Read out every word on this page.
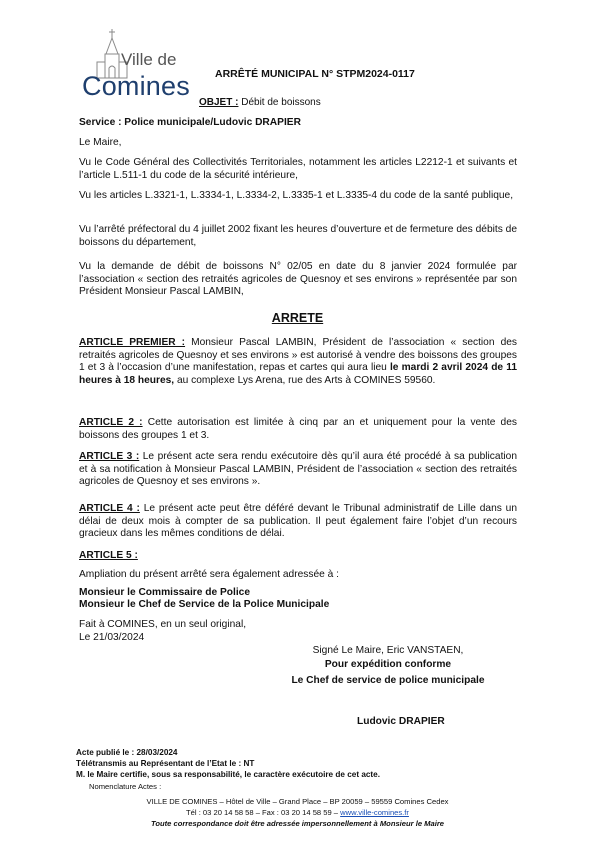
Ville de
Comines ARRÊTÉ MUNICIPAL N° STPM2024-0117
OBJET : Débit de boissons
Service : Police municipale/Ludovic DRAPIER
Le Maire,
Vu le Code Général des Collectivités Territoriales, notamment les articles L2212-1 et suivants et l’article L.511-1 du code de la sécurité intérieure,
Vu les articles L.3321-1, L.3334-1, L.3334-2, L.3335-1 et L.3335-4 du code de la santé publique,
Vu l’arrêté préfectoral du 4 juillet 2002 fixant les heures d’ouverture et de fermeture des débits de boissons du département,
Vu la demande de débit de boissons N° 02/05 en date du 8 janvier 2024 formulée par l’association « section des retraités agricoles de Quesnoy et ses environs » représentée par son Président Monsieur Pascal LAMBIN,
ARRETE
ARTICLE PREMIER : Monsieur Pascal LAMBIN, Président de l’association « section des retraités agricoles de Quesnoy et ses environs » est autorisé à vendre des boissons des groupes 1 et 3 à l’occasion d’une manifestation, repas et cartes qui aura lieu le mardi 2 avril 2024 de 11 heures à 18 heures, au complexe Lys Arena, rue des Arts à COMINES 59560.
ARTICLE 2 : Cette autorisation est limitée à cinq par an et uniquement pour la vente des boissons des groupes 1 et 3.
ARTICLE 3 : Le présent acte sera rendu exécutoire dès qu’il aura été procédé à sa publication et à sa notification à Monsieur Pascal LAMBIN, Président de l’association « section des retraités agricoles de Quesnoy et ses environs ».
ARTICLE 4 : Le présent acte peut être déféré devant le Tribunal administratif de Lille dans un délai de deux mois à compter de sa publication. Il peut également faire l’objet d’un recours gracieux dans les mêmes conditions de délai.
ARTICLE 5 :
Ampliation du présent arrêté sera également adressée à :
Monsieur le Commissaire de Police
Monsieur le Chef de Service de la Police Municipale
Fait à COMINES, en un seul original,
Le 21/03/2024
Signé Le Maire, Eric VANSTAEN,
Pour expédition conforme
Le Chef de service de police municipale
Ludovic DRAPIER
Acte publié le : 28/03/2024
Télétransmis au Représentant de l’Etat le : NT
M. le Maire certifie, sous sa responsabilité, le caractère exécutoire de cet acte.
Nomenclature Actes :
VILLE DE COMINES – Hôtel de Ville – Grand Place – BP 20059 – 59559 Comines Cedex
Tél : 03 20 14 58 58 – Fax : 03 20 14 58 59 – www.ville-comines.fr
Toute correspondance doit être adressée impersonnellement à Monsieur le Maire
